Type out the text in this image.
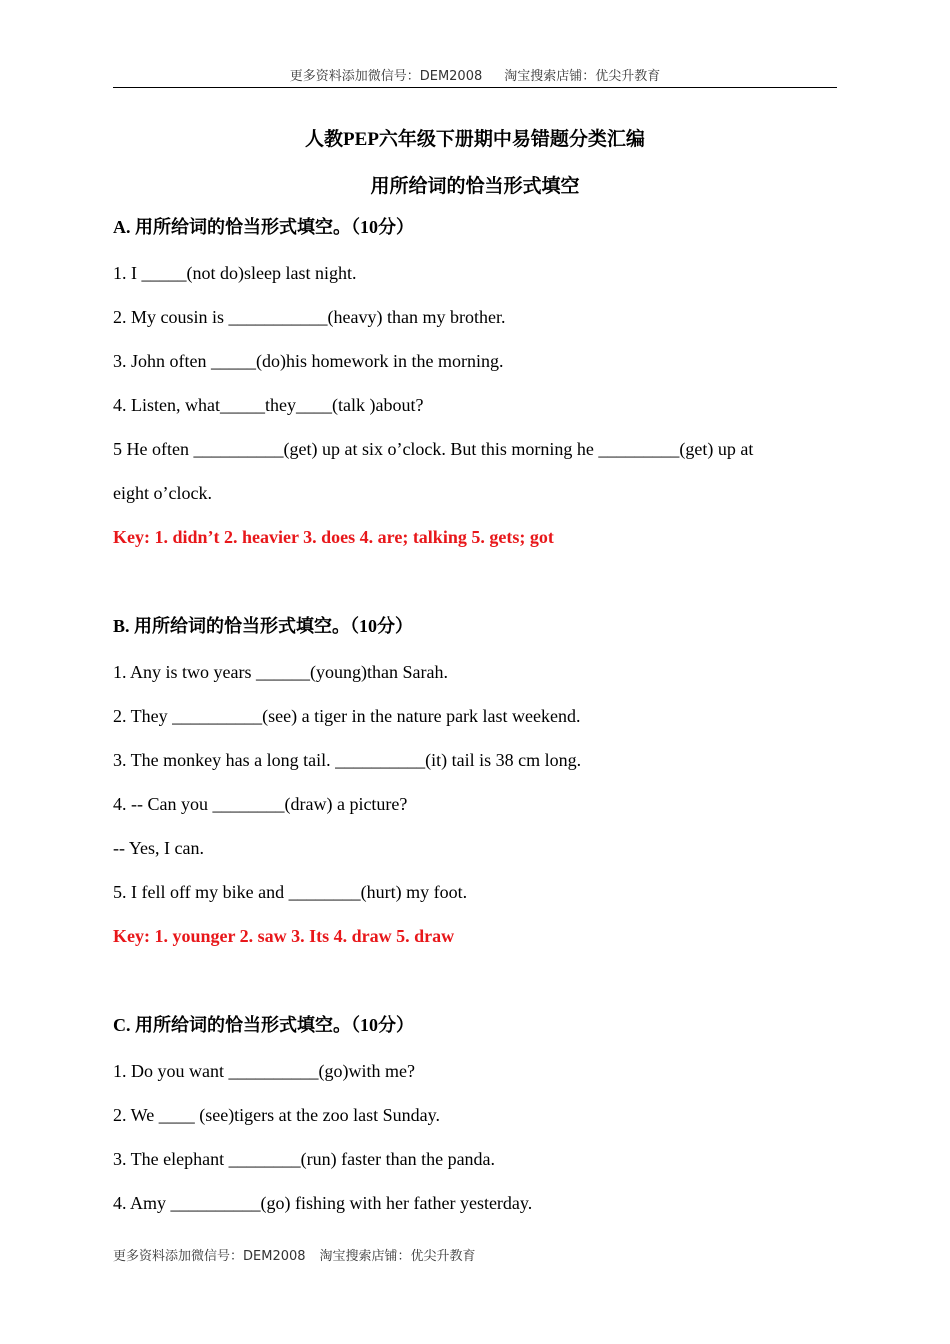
更多资料添加微信号：DEM2008 淘宝搜索店铺：优尖升教育
人教PEP六年级下册期中易错题分类汇编
用所给词的恰当形式填空
A. 用所给词的恰当形式填空。（10分）
1. I _____(not do)sleep last night.
2. My cousin is ___________(heavy) than my brother.
3. John often _____(do)his homework in the morning.
4. Listen, what_____they____(talk )about?
5 He often __________(get) up at six o’clock. But this morning he _________(get) up at
eight o’clock.
Key: 1. didn’t 2. heavier 3. does 4. are; talking 5. gets; got
B. 用所给词的恰当形式填空。（10分）
1. Any is two years ______(young)than Sarah.
2. They __________(see) a tiger in the nature park last weekend.
3. The monkey has a long tail. __________(it) tail is 38 cm long.
4. -- Can you ________(draw) a picture?
-- Yes, I can.
5. I fell off my bike and ________(hurt) my foot.
Key: 1. younger 2. saw 3. Its 4. draw 5. draw
C. 用所给词的恰当形式填空。（10分）
1. Do you want __________(go)with me?
2. We ____ (see)tigers at the zoo last Sunday.
3. The elephant ________(run) faster than the panda.
4. Amy __________(go) fishing with her father yesterday.
更多资料添加微信号：DEM2008 淘宝搜索店铺：优尖升教育
